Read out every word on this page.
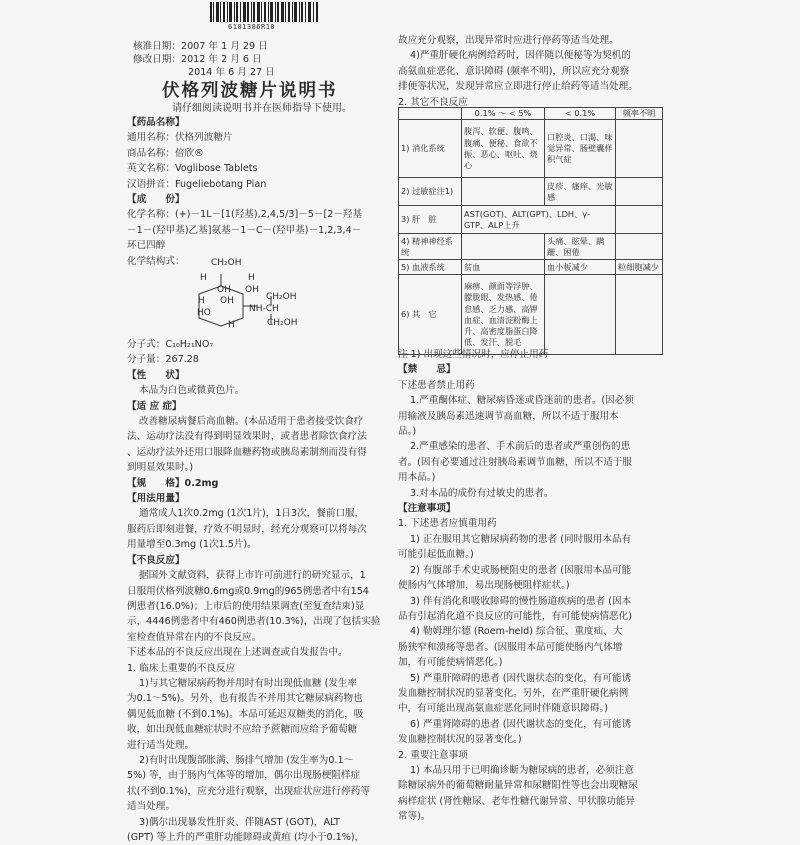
6101386R10
核准日期：2007 年 1 月 29 日
修改日期：2012 年 2 月 6 日
2014 年 6 月 27 日
伏格列波糖片说明书
请仔细阅读说明书并在医师指导下使用。

【药品名称】

通用名称：伏格列波糖片

商品名称：倍欣®

英文名称：Voglibose Tablets

汉语拼音：Fugeliebotang Pian

【成　　份】

化学名称：(+)－1L－[1(羟基),2,4,5/3]－5－[2－羟基

－1－(羟甲基)乙基]氨基－1－C－(羟甲基)－1,2,3,4－

环已四醇

化学结构式：	CH₂OH
H	H
OH OH
H	CH₂OH
OH
NH-CH
HO
H	CH₂OH

分子式：C₁₀H₂₁NO₇

分子量：267.28

【性　　状】

本品为白色或微黄色片。

【适 应 症】

改善糖尿病餐后高血糖。(本品适用于患者接受饮食疗

法、运动疗法没有得到明显效果时，或者患者除饮食疗法

、运动疗法外还用口服降血糖药物或胰岛素制剂而没有得

到明显效果时。)

【规　　格】0.2mg

【用法用量】

通常成人1次0.2mg (1次1片)，1日3次，餐前口服，

服药后即刻进餐，疗效不明显时，经充分观察可以将每次

用量增至0.3mg (1次1.5片)。

【不良反应】

据国外文献资料，获得上市许可前进行的研究显示，1

日服用伏格列波糖0.6mg或0.9mg的965例患者中有154

例患者(16.0%)；上市后的使用结果调查(至复查结束)显

示，4446例患者中有460例患者(10.3%)，出现了包括实验

室检查值异常在内的不良反应。

下述本品的不良反应出现在上述调查或自发报告中。

1. 临床上重要的不良反应

1)与其它糖尿病药物并用时有时出现低血糖 (发生率

为0.1～5%)。另外，也有报告不并用其它糖尿病药物也

偶见低血糖 (不到0.1%)。本品可延迟双糖类的消化，吸

收，如出现低血糖症状时不应给予蔗糖而应给予葡萄糖

进行适当处理。

2)有时出现腹部胀满、肠排气增加 (发生率为0.1～

5%) 等，由于肠内气体等的增加，偶尔出现肠梗阻样症

状(不到0.1%)，应充分进行观察，出现症状应进行停药等

适当处理。

3)偶尔出现暴发性肝炎、伴随AST (GOT)，ALT

(GPT) 等上升的严重肝功能障碍或黄疸 (均小于0.1%)，

故应充分观察，出现异常时应进行停药等适当处理。

4)严重肝硬化病例给药时，因伴随以便秘等为契机的

高氨血症恶化、意识障碍 (频率不明)，所以应充分观察

排便等状况，发现异常应立即进行停止给药等适当处理。

2. 其它不良反应

	0.1% ～ < 5%	< 0.1%	频率不明
1) 消化系统	腹泻、软便、腹鸣、腹痛、便秘、食欲不振、恶心、呕吐、烧心	口腔炎、口渴、味觉异常、肠壁囊样积气症	
2) 过敏症注1)		皮疹、瘙痒、光敏感	
3) 肝　脏	AST(GOT)、ALT(GPT)、LDH、γ-GTP、ALP上升		
4) 精神神经系统		头痛、眩晕、蹒跚、困倦	
5) 血液系统	贫血	血小板减少	粒细胞减少
6) 其　它	麻痹、颜面等浮肿、朦胧眼、发热感、倦怠感、乏力感、高钾血症、血清淀粉酶上升、高密度脂蛋白降低、发汗、脱毛		

注 1) 出现这些情况时，应停止用药

【禁　　忌】

下述患者禁止用药

1.严重酮体症、糖尿病昏迷或昏迷前的患者。(因必须

用输液及胰岛素迅速调节高血糖，所以不适于服用本

品。)

2.严重感染的患者、手术前后的患者或严重创伤的患

者。(因有必要通过注射胰岛素调节血糖，所以不适于服

用本品。)

3.对本品的成份有过敏史的患者。

【注意事项】

1. 下述患者应慎重用药

1) 正在服用其它糖尿病药物的患者 (同时服用本品有

可能引起低血糖。)

2) 有腹部手术史或肠梗阻史的患者 (因服用本品可能

使肠内气体增加，易出现肠梗阻样症状。)

3) 伴有消化和吸收障碍的慢性肠道疾病的患者 (因本

品有引起消化道不良反应的可能性，有可能使病情恶化)

4) 勒姆理尔德 (Roem-held) 综合征、重度疝、大

肠狭窄和溃疡等患者。(因服用本品可能使肠内气体增

加，有可能使病情恶化。)

5) 严重肝障碍的患者 (因代谢状态的变化，有可能诱

发血糖控制状况的显著变化。另外，在严重肝硬化病例

中，有可能出现高氨血症恶化同时伴随意识障碍。)

6) 严重肾障碍的患者 (因代谢状态的变化，有可能诱

发血糖控制状况的显著变化。)

2. 重要注意事项

1) 本品只用于已明确诊断为糖尿病的患者，必须注意

除糖尿病外的葡萄糖耐量异常和尿糖阳性等也会出现糖尿

病样症状 (肾性糖尿、老年性糖代谢异常、甲状腺功能异

常等)。
